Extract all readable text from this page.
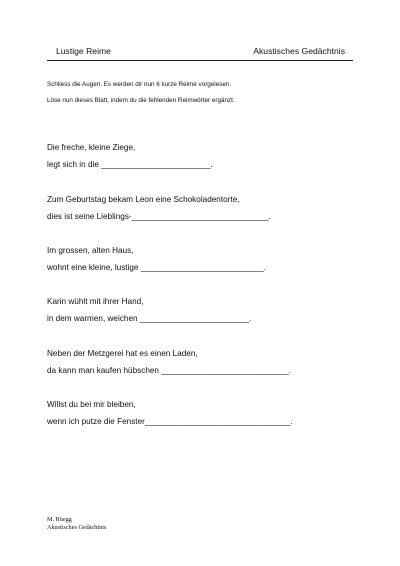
Lustige Reime	Akustisches Gedächtnis
Schliess die Augen. Es werden dir nun 6 kurze Reime vorgelesen.
Löse nun dieses Blatt, indem du die fehlenden Reimwörter ergänzt.
Die freche, kleine Ziege,
legt sich in die ________________________.
Zum Geburtstag bekam Leon eine Schokoladentorte,
dies ist seine Lieblings-______________________________.
Im grossen, alten Haus,
wohnt eine kleine, lustige ___________________________.
Karin wühlt mit ihrer Hand,
in dem warmen, weichen ________________________.
Neben der Metzgerei hat es einen Laden,
da kann man kaufen hübschen ____________________________.
Willst du bei mir bleiben,
wenn ich putze die Fenster________________________________.
M. Rüegg
Akustisches Gedächtnis
